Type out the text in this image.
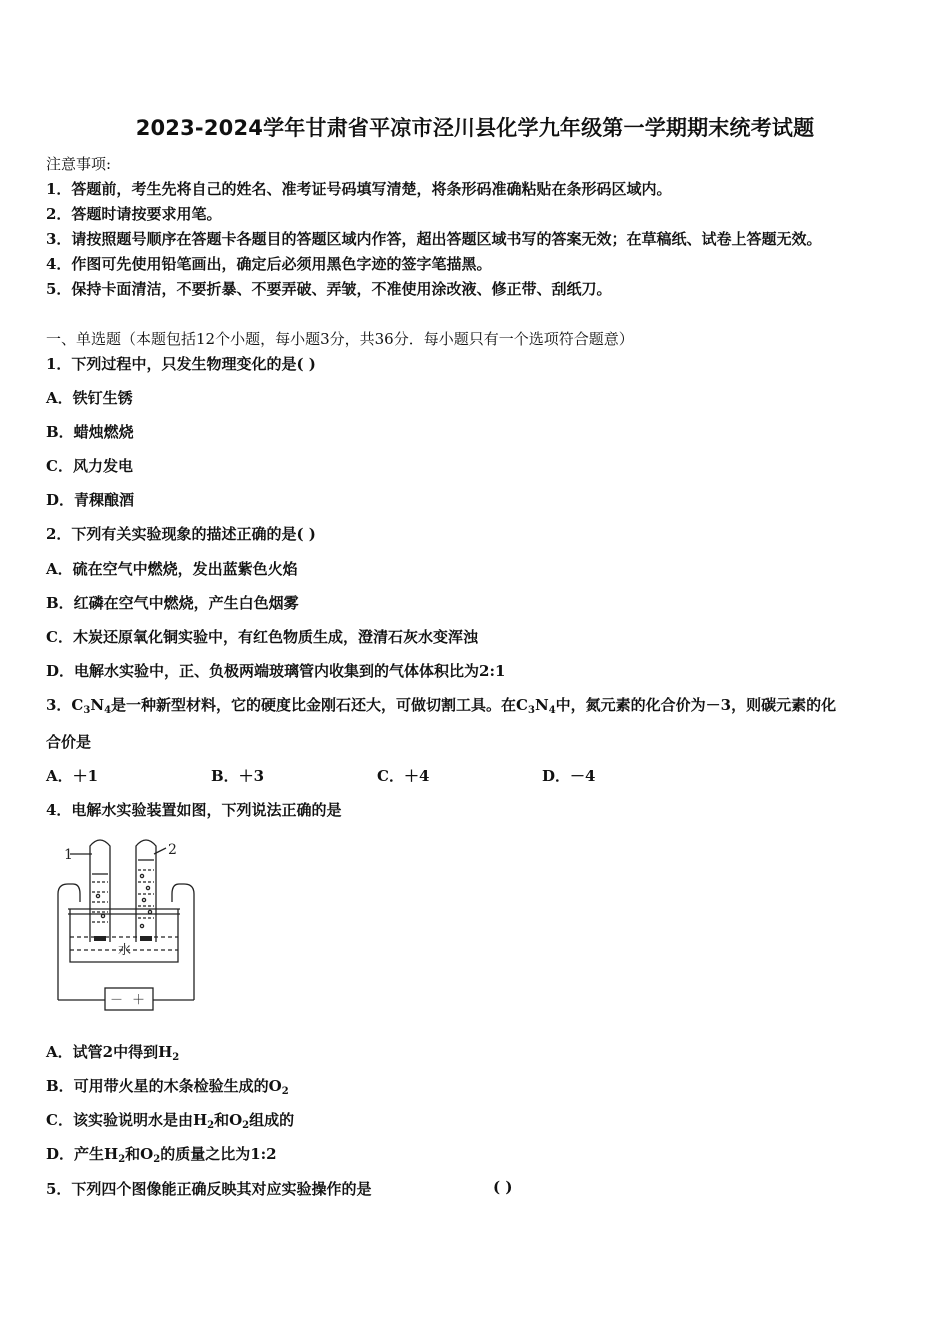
2023-2024学年甘肃省平凉市泾川县化学九年级第一学期期末统考试题
注意事项:
1．答题前，考生先将自己的姓名、准考证号码填写清楚，将条形码准确粘贴在条形码区域内。
2．答题时请按要求用笔。
3．请按照题号顺序在答题卡各题目的答题区域内作答，超出答题区域书写的答案无效；在草稿纸、试卷上答题无效。
4．作图可先使用铅笔画出，确定后必须用黑色字迹的签字笔描黑。
5．保持卡面清洁，不要折暴、不要弄破、弄皱，不准使用涂改液、修正带、刮纸刀。
一、单选题（本题包括12个小题，每小题3分，共36分．每小题只有一个选项符合题意）
1．下列过程中，只发生物理变化的是( )
A．铁钉生锈
B．蜡烛燃烧
C．风力发电
D．青稞酿酒
2．下列有关实验现象的描述正确的是( )
A．硫在空气中燃烧，发出蓝紫色火焰
B．红磷在空气中燃烧，产生白色烟雾
C．木炭还原氧化铜实验中，有红色物质生成，澄清石灰水变浑浊
D．电解水实验中，正、负极两端玻璃管内收集到的气体体积比为2:1
3．$C_3N_4$是一种新型材料，它的硬度比金刚石还大，可做切割工具。在$C_3N_4$中，氮元素的化合价为－3，则碳元素的化
合价是
A．＋1	B．＋3	C．＋4	D．－4
4．电解水实验装置如图，下列说法正确的是
1	2
水
－ ＋
A．试管2中得到$H_2$
B．可用带火星的木条检验生成的$O_2$
C．该实验说明水是由$H_2$和$O_2$组成的
D．产生$H_2$和$O_2$的质量之比为1:2
5．下列四个图像能正确反映其对应实验操作的是	( )
